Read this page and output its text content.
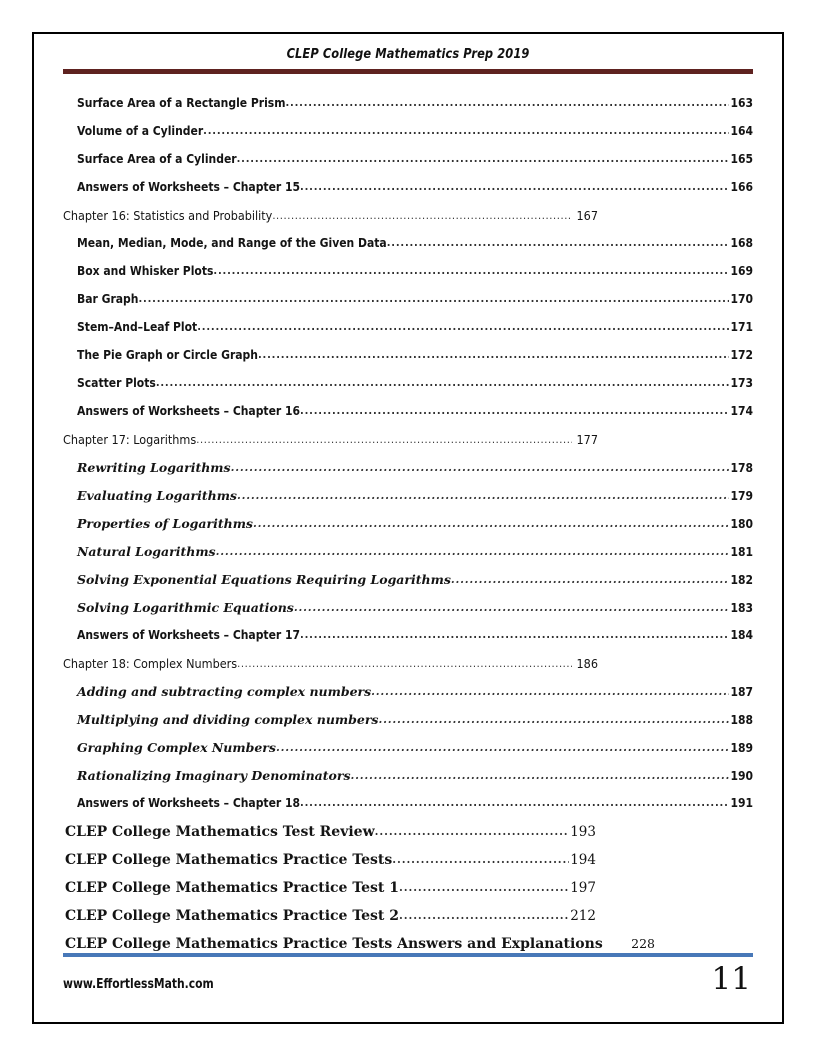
CLEP College Mathematics Prep 2019
Surface Area of a Rectangle Prism .....	163
Volume of a Cylinder .....	164
Surface Area of a Cylinder .....	165
Answers of Worksheets – Chapter 15 .....	166
Chapter 16: Statistics and Probability .....	167
Mean, Median, Mode, and Range of the Given Data .....	168
Box and Whisker Plots .....	169
Bar Graph .....	170
Stem–And–Leaf Plot .....	171
The Pie Graph or Circle Graph .....	172
Scatter Plots .....	173
Answers of Worksheets – Chapter 16 .....	174
Chapter 17: Logarithms .....	177
Rewriting Logarithms .....	178
Evaluating Logarithms .....	179
Properties of Logarithms .....	180
Natural Logarithms .....	181
Solving Exponential Equations Requiring Logarithms .....	182
Solving Logarithmic Equations .....	183
Answers of Worksheets – Chapter 17 .....	184
Chapter 18: Complex Numbers .....	186
Adding and subtracting complex numbers .....	187
Multiplying and dividing complex numbers .....	188
Graphing Complex Numbers .....	189
Rationalizing Imaginary Denominators .....	190
Answers of Worksheets – Chapter 18 .....	191
CLEP College Mathematics Test Review .....	193
CLEP College Mathematics Practice Tests .....	194
CLEP College Mathematics Practice Test 1 .....	197
CLEP College Mathematics Practice Test 2 .....	212
CLEP College Mathematics Practice Tests Answers and Explanations 228
www.EffortlessMath.com	11
